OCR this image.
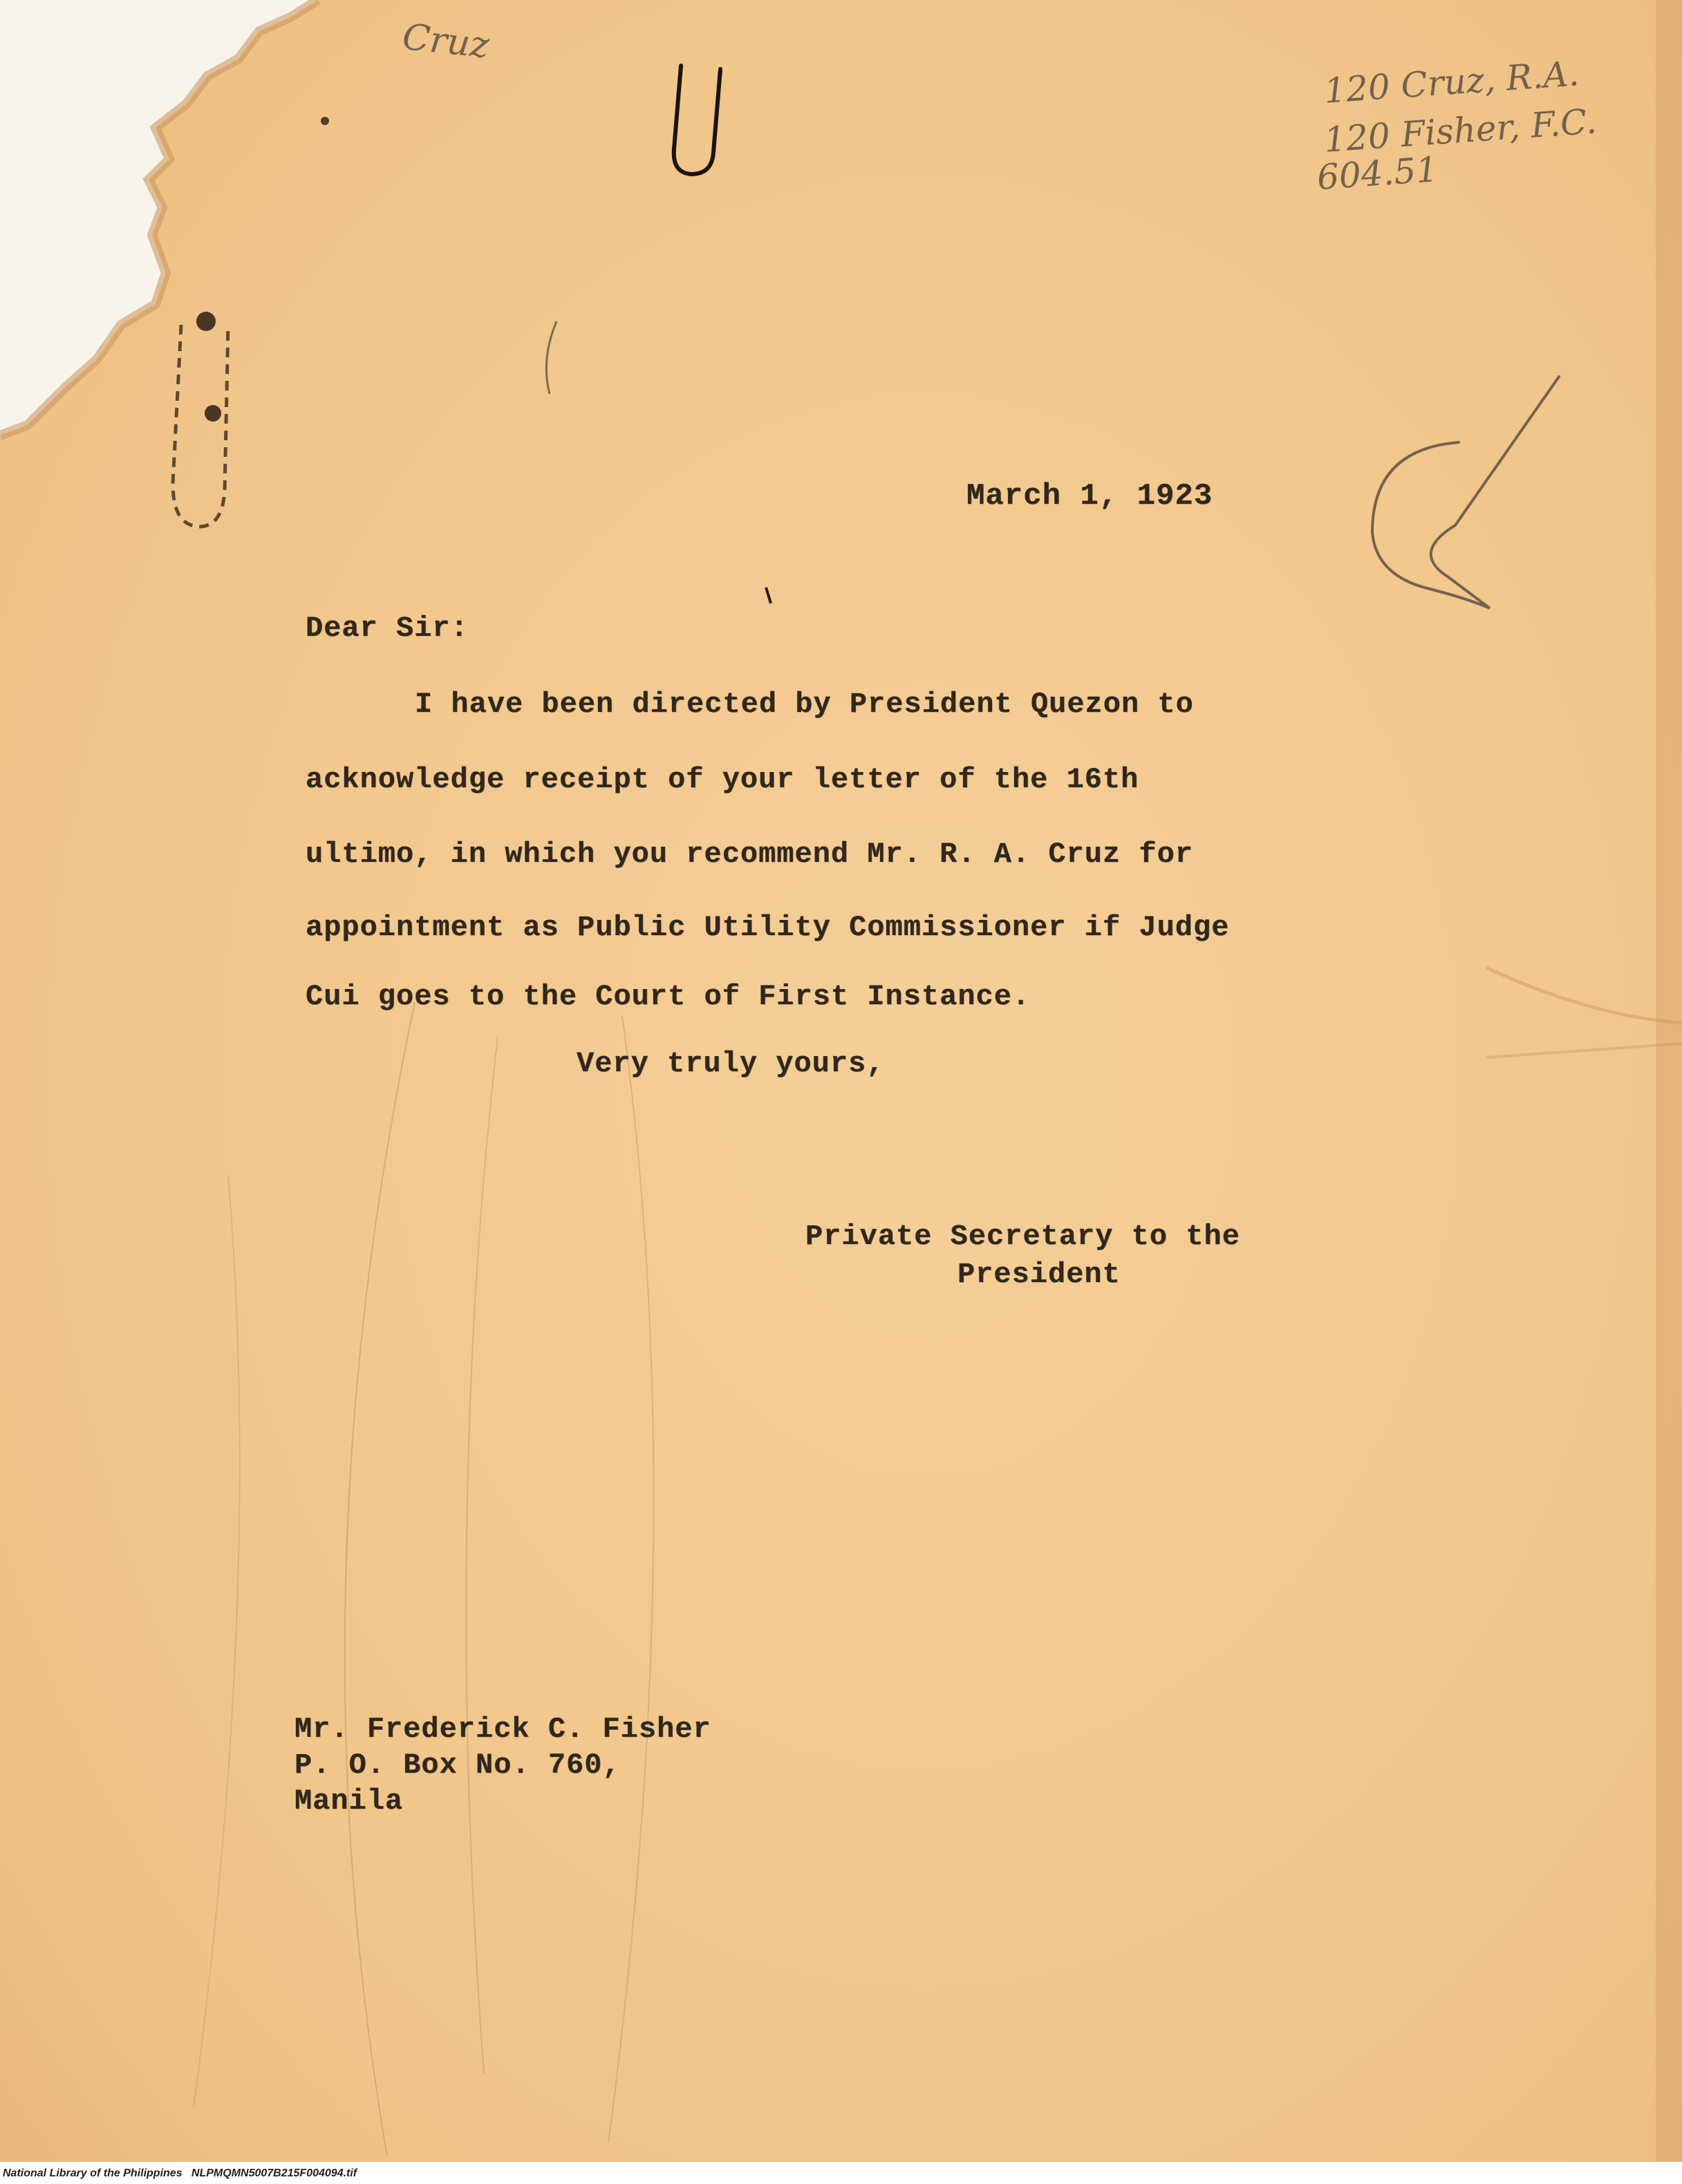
Cruz

120 Cruz, R.A.

120 Fisher, F.C.

604.51

March 1, 1923

Dear Sir:

I have been directed by President Quezon to

acknowledge receipt of your letter of the 16th

ultimo, in which you recommend Mr. R. A. Cruz for

appointment as Public Utility Commissioner if Judge

Cui goes to the Court of First Instance.

Very truly yours,

Private Secretary to the

President

Mr. Frederick C. Fisher

P. O. Box No. 760,

Manila

National Library of the Philippines   NLPMQMN5007B215F004094.tif
